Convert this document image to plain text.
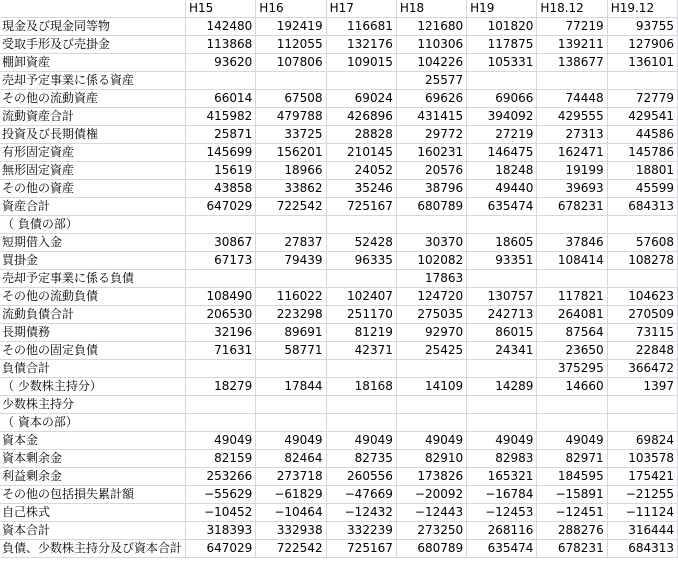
	H15	H16	H17	H18	H19	H18.12	H19.12
現金及び現金同等物	142480	192419	116681	121680	101820	77219	93755
受取手形及び売掛金	113868	112055	132176	110306	117875	139211	127906
棚卸資産	93620	107806	109015	104226	105331	138677	136101
売却予定事業に係る資産				25577			
その他の流動資産	66014	67508	69024	69626	69066	74448	72779
流動資産合計	415982	479788	426896	431415	394092	429555	429541
投資及び長期債権	25871	33725	28828	29772	27219	27313	44586
有形固定資産	145699	156201	210145	160231	146475	162471	145786
無形固定資産	15619	18966	24052	20576	18248	19199	18801
その他の資産	43858	33862	35246	38796	49440	39693	45599
資産合計	647029	722542	725167	680789	635474	678231	684313
（ 負債の部）							
短期借入金	30867	27837	52428	30370	18605	37846	57608
買掛金	67173	79439	96335	102082	93351	108414	108278
売却予定事業に係る負債				17863			
その他の流動負債	108490	116022	102407	124720	130757	117821	104623
流動負債合計	206530	223298	251170	275035	242713	264081	270509
長期債務	32196	89691	81219	92970	86015	87564	73115
その他の固定負債	71631	58771	42371	25425	24341	23650	22848
負債合計						375295	366472
（ 少数株主持分）	18279	17844	18168	14109	14289	14660	1397
少数株主持分							
（ 資本の部）							
資本金	49049	49049	49049	49049	49049	49049	69824
資本剰余金	82159	82464	82735	82910	82983	82971	103578
利益剰余金	253266	273718	260556	173826	165321	184595	175421
その他の包括損失累計額	−55629	−61829	−47669	−20092	−16784	−15891	−21255
自己株式	−10452	−10464	−12432	−12443	−12453	−12451	−11124
資本合計	318393	332938	332239	273250	268116	288276	316444
負債、少数株主持分及び資本合計	647029	722542	725167	680789	635474	678231	684313
